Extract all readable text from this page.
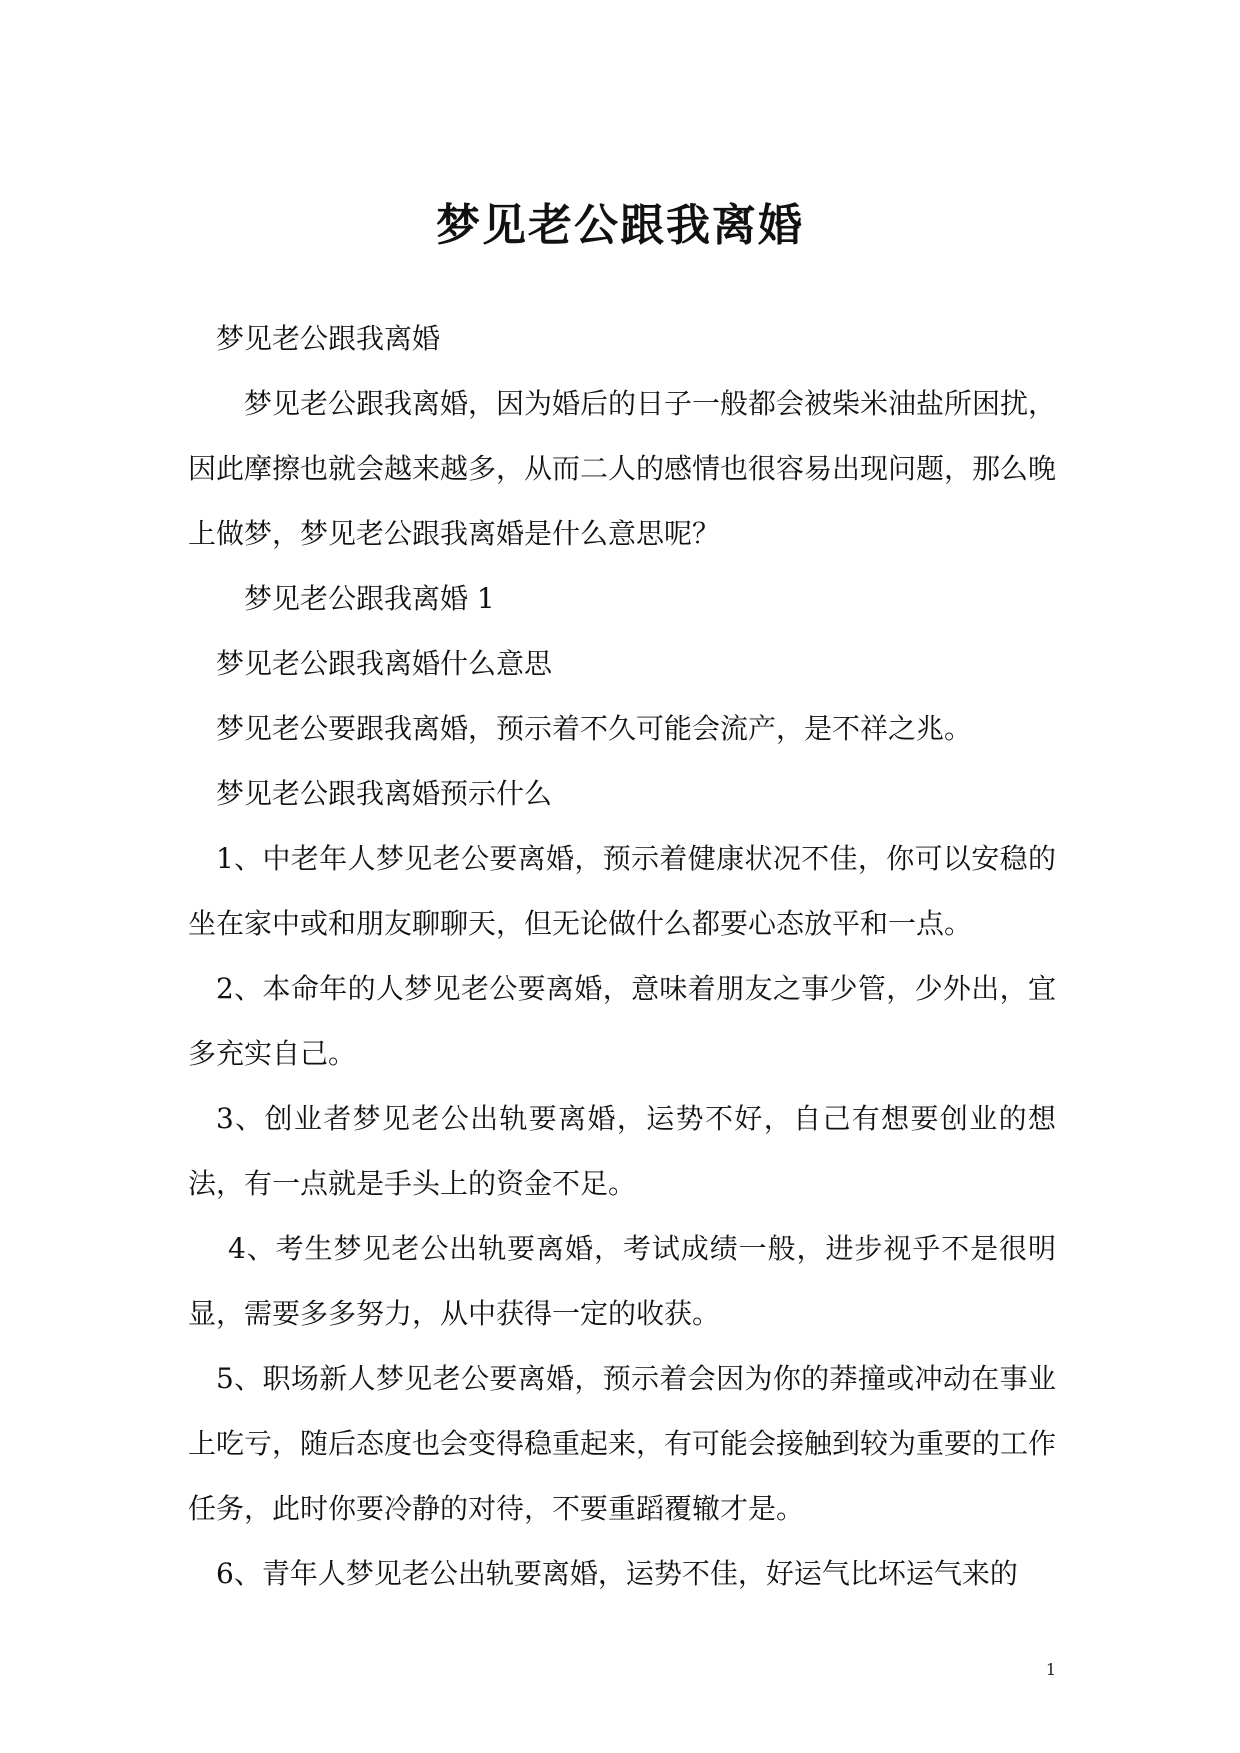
梦见老公跟我离婚

梦见老公跟我离婚

梦见老公跟我离婚，因为婚后的日子一般都会被柴米油盐所困扰，因此摩擦也就会越来越多，从而二人的感情也很容易出现问题，那么晚上做梦，梦见老公跟我离婚是什么意思呢？

梦见老公跟我离婚 1

梦见老公跟我离婚什么意思

梦见老公要跟我离婚，预示着不久可能会流产，是不祥之兆。

梦见老公跟我离婚预示什么

1、中老年人梦见老公要离婚，预示着健康状况不佳，你可以安稳的坐在家中或和朋友聊聊天，但无论做什么都要心态放平和一点。

2、本命年的人梦见老公要离婚，意味着朋友之事少管，少外出，宜多充实自己。

3、创业者梦见老公出轨要离婚，运势不好，自己有想要创业的想法，有一点就是手头上的资金不足。

4、考生梦见老公出轨要离婚，考试成绩一般，进步视乎不是很明显，需要多多努力，从中获得一定的收获。

5、职场新人梦见老公要离婚，预示着会因为你的莽撞或冲动在事业上吃亏，随后态度也会变得稳重起来，有可能会接触到较为重要的工作任务，此时你要冷静的对待，不要重蹈覆辙才是。

6、青年人梦见老公出轨要离婚，运势不佳，好运气比坏运气来的

1
